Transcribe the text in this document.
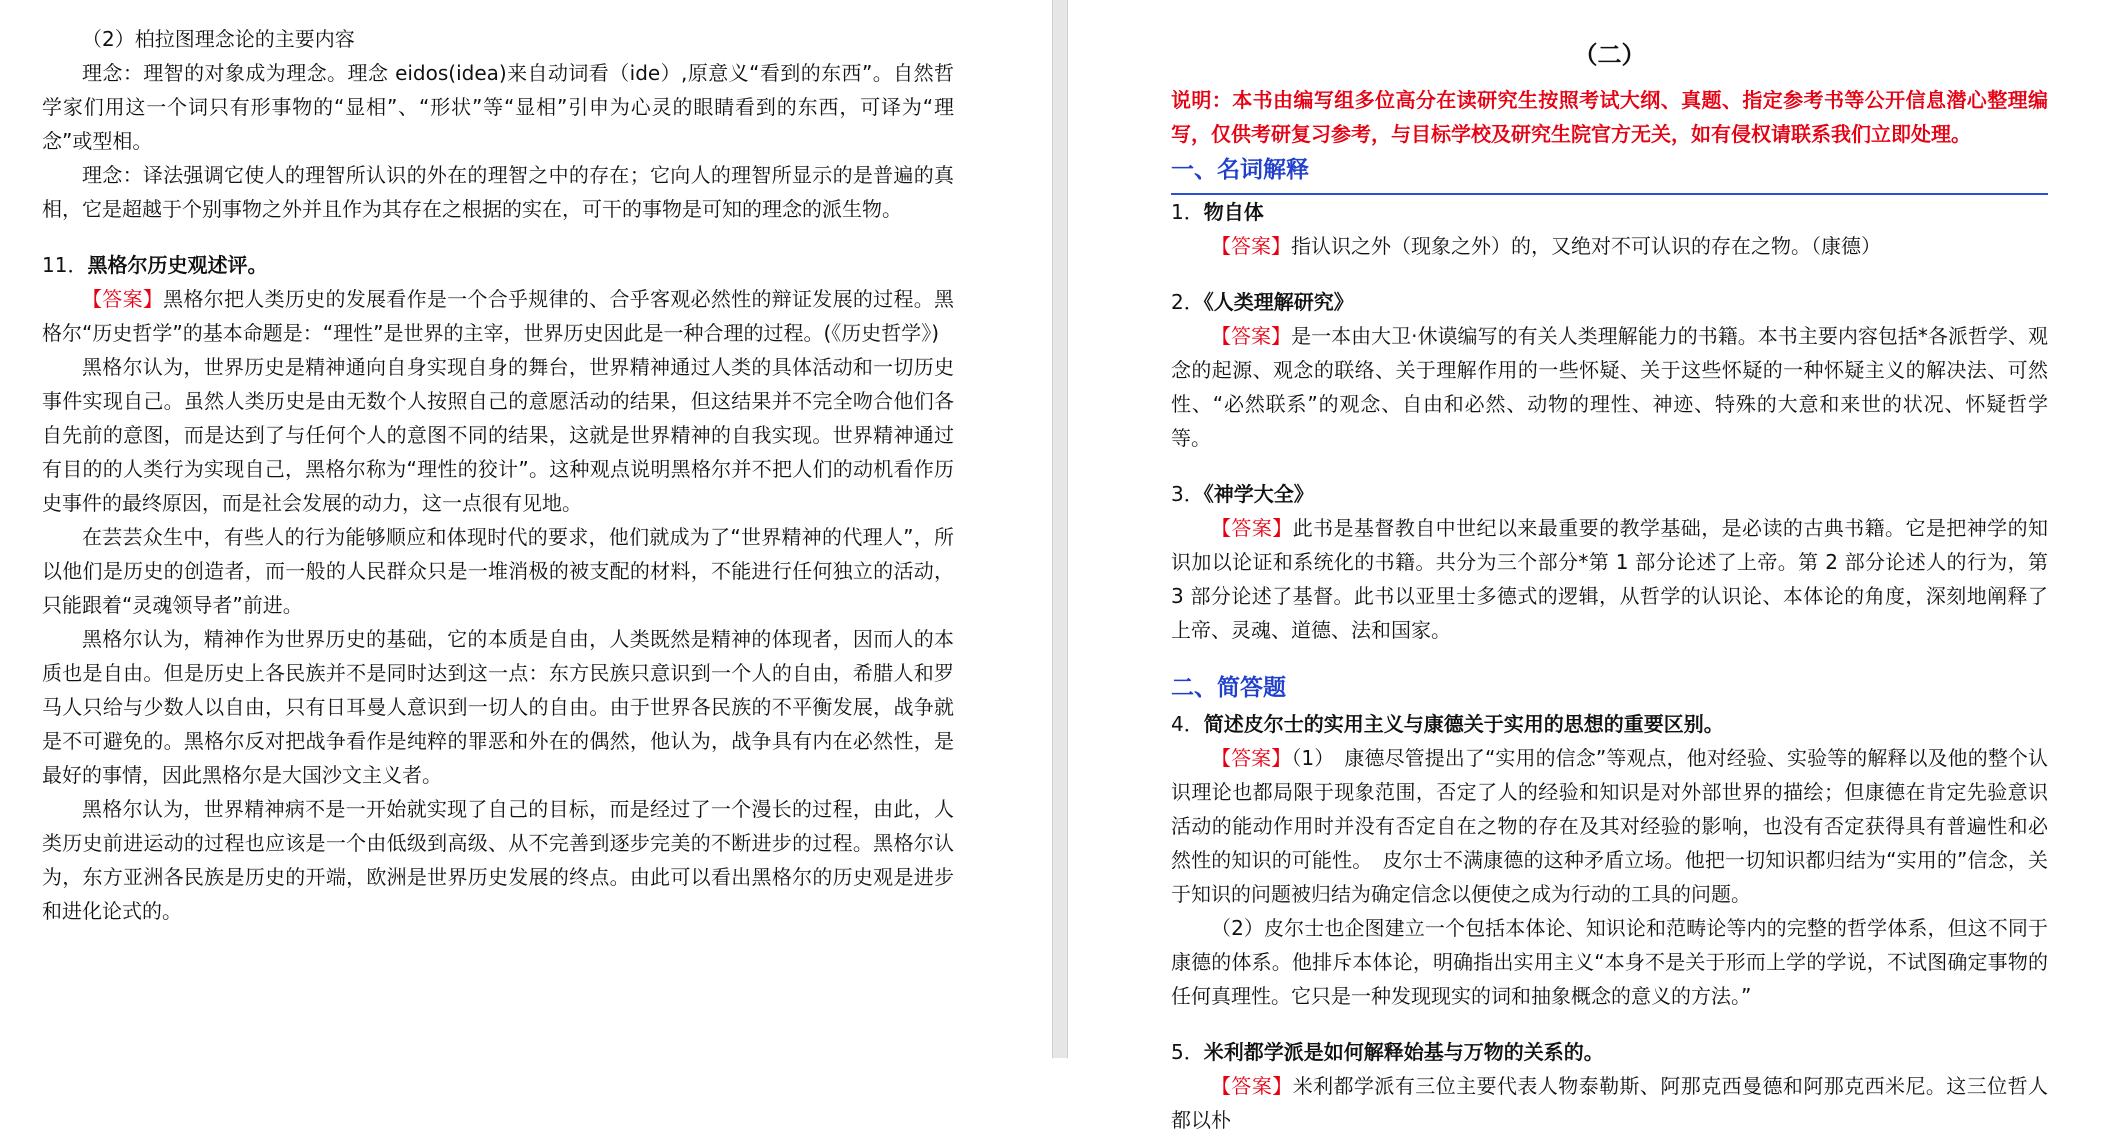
（2）柏拉图理念论的主要内容

理念：理智的对象成为理念。理念 eidos(idea)来自动词看（ide）,原意义“看到的东西”。自然哲学家们用这一个词只有形事物的“显相”、“形状”等“显相”引申为心灵的眼睛看到的东西，可译为“理念”或型相。

理念：译法强调它使人的理智所认识的外在的理智之中的存在；它向人的理智所显示的是普遍的真相，它是超越于个别事物之外并且作为其存在之根据的实在，可干的事物是可知的理念的派生物。

11．黑格尔历史观述评。

【答案】黑格尔把人类历史的发展看作是一个合乎规律的、合乎客观必然性的辩证发展的过程。黑格尔“历史哲学”的基本命题是：“理性”是世界的主宰，世界历史因此是一种合理的过程。(《历史哲学》)

黑格尔认为，世界历史是精神通向自身实现自身的舞台，世界精神通过人类的具体活动和一切历史事件实现自己。虽然人类历史是由无数个人按照自己的意愿活动的结果，但这结果并不完全吻合他们各自先前的意图，而是达到了与任何个人的意图不同的结果，这就是世界精神的自我实现。世界精神通过有目的的人类行为实现自己，黑格尔称为“理性的狡计”。这种观点说明黑格尔并不把人们的动机看作历史事件的最终原因，而是社会发展的动力，这一点很有见地。

在芸芸众生中，有些人的行为能够顺应和体现时代的要求，他们就成为了“世界精神的代理人”，所以他们是历史的创造者，而一般的人民群众只是一堆消极的被支配的材料，不能进行任何独立的活动，只能跟着“灵魂领导者”前进。

黑格尔认为，精神作为世界历史的基础，它的本质是自由，人类既然是精神的体现者，因而人的本质也是自由。但是历史上各民族并不是同时达到这一点：东方民族只意识到一个人的自由，希腊人和罗马人只给与少数人以自由，只有日耳曼人意识到一切人的自由。由于世界各民族的不平衡发展，战争就是不可避免的。黑格尔反对把战争看作是纯粹的罪恶和外在的偶然，他认为，战争具有内在必然性，是最好的事情，因此黑格尔是大国沙文主义者。

黑格尔认为，世界精神病不是一开始就实现了自己的目标，而是经过了一个漫长的过程，由此，人类历史前进运动的过程也应该是一个由低级到高级、从不完善到逐步完美的不断进步的过程。黑格尔认为，东方亚洲各民族是历史的开端，欧洲是世界历史发展的终点。由此可以看出黑格尔的历史观是进步和进化论式的。

（二）

说明：本书由编写组多位高分在读研究生按照考试大纲、真题、指定参考书等公开信息潜心整理编写，仅供考研复习参考，与目标学校及研究生院官方无关，如有侵权请联系我们立即处理。

一、名词解释

1．物自体

【答案】指认识之外（现象之外）的，又绝对不可认识的存在之物。（康德）

2．《人类理解研究》

【答案】是一本由大卫·休谟编写的有关人类理解能力的书籍。本书主要内容包括*各派哲学、观念的起源、观念的联络、关于理解作用的一些怀疑、关于这些怀疑的一种怀疑主义的解决法、可然性、“必然联系”的观念、自由和必然、动物的理性、神迹、特殊的大意和来世的状况、怀疑哲学等。

3．《神学大全》

【答案】此书是基督教自中世纪以来最重要的教学基础，是必读的古典书籍。它是把神学的知识加以论证和系统化的书籍。共分为三个部分*第 1 部分论述了上帝。第 2 部分论述人的行为，第 3 部分论述了基督。此书以亚里士多德式的逻辑，从哲学的认识论、本体论的角度，深刻地阐释了上帝、灵魂、道德、法和国家。

二、简答题

4．简述皮尔士的实用主义与康德关于实用的思想的重要区别。

【答案】（1）　康德尽管提出了“实用的信念”等观点，他对经验、实验等的解释以及他的整个认识理论也都局限于现象范围，否定了人的经验和知识是对外部世界的描绘；但康德在肯定先验意识活动的能动作用时并没有否定自在之物的存在及其对经验的影响，也没有否定获得具有普遍性和必然性的知识的可能性。　皮尔士不满康德的这种矛盾立场。他把一切知识都归结为“实用的”信念，关于知识的问题被归结为确定信念以便使之成为行动的工具的问题。

（2）皮尔士也企图建立一个包括本体论、知识论和范畴论等内的完整的哲学体系，但这不同于康德的体系。他排斥本体论，明确指出实用主义“本身不是关于形而上学的学说，不试图确定事物的任何真理性。它只是一种发现现实的词和抽象概念的意义的方法。”

5．米利都学派是如何解释始基与万物的关系的。

【答案】米利都学派有三位主要代表人物泰勒斯、阿那克西曼德和阿那克西米尼。这三位哲人都以朴
